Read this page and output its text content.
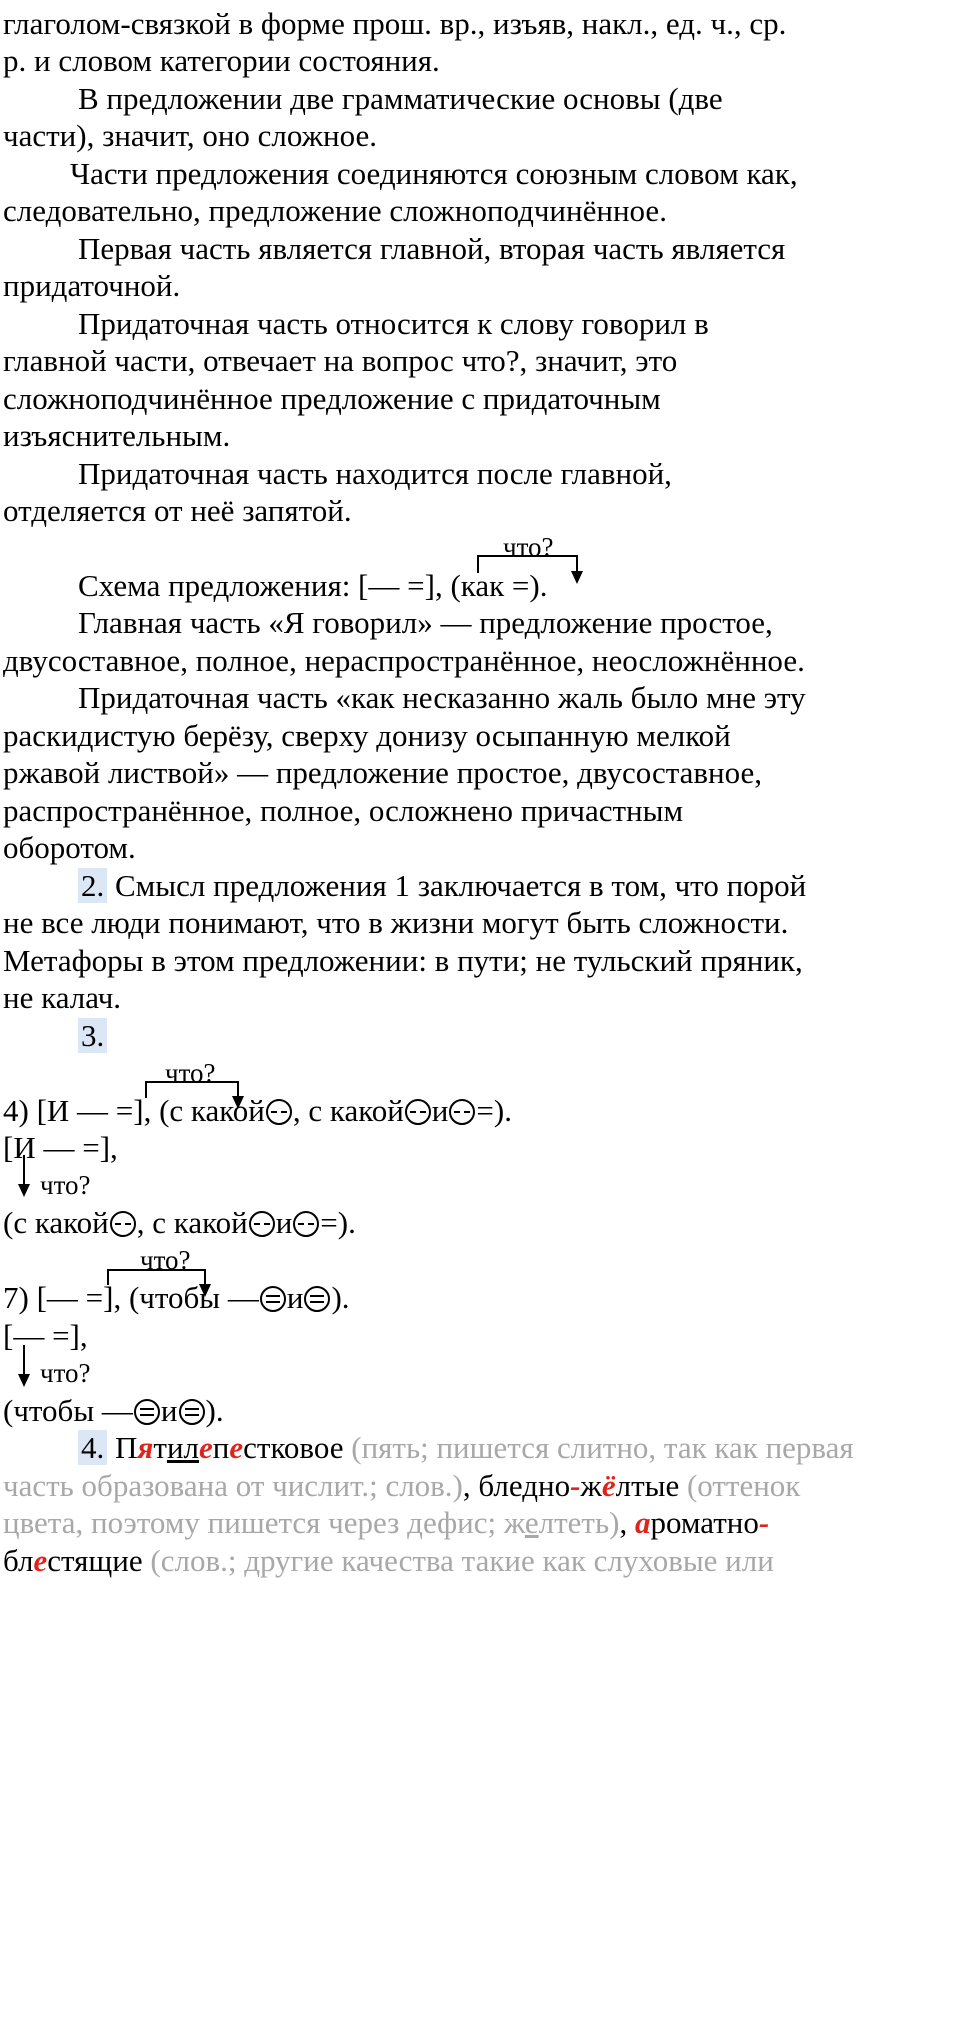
глаголом-связкой в форме прош. вр., изъяв, накл., ед. ч., ср.
р. и словом категории состояния.
В предложении две грамматические основы (две
части), значит, оно сложное.
Части предложения соединяются союзным словом как,
следовательно, предложение сложноподчинённое.
Первая часть является главной, вторая часть является
придаточной.
Придаточная часть относится к слову говорил в
главной части, отвечает на вопрос что?, значит, это
сложноподчинённое предложение с придаточным
изъяснительным.
Придаточная часть находится после главной,
отделяется от неё запятой.
что?
Схема предложения: [— =], (как =).
Главная часть «Я говорил» — предложение простое,
двусоставное, полное, нераспространённое, неосложнённое.
Придаточная часть «как несказанно жаль было мне эту
раскидистую берёзу, сверху донизу осыпанную мелкой
ржавой листвой» — предложение простое, двусоставное,
распространённое, полное, осложнено причастным
оборотом.
2. Смысл предложения 1 заключается в том, что порой
не все люди понимают, что в жизни могут быть сложности.
Метафоры в этом предложении: в пути; не тульский пряник,
не калач.
3.
что?
4) [И — =], (с какой , с какой и =).
[И — =],
что?
(с какой , с какой и =).
что?
7) [— =], (чтобы — и ).
[— =],
что?
(чтобы — и ).
4. Пятилепестковое (пять; пишется слитно, так как первая
часть образована от числит.; слов.), бледно-жёлтые (оттенок
цвета, поэтому пишется через дефис; желтеть), ароматно-
блестящие (слов.; другие качества такие как слуховые или
